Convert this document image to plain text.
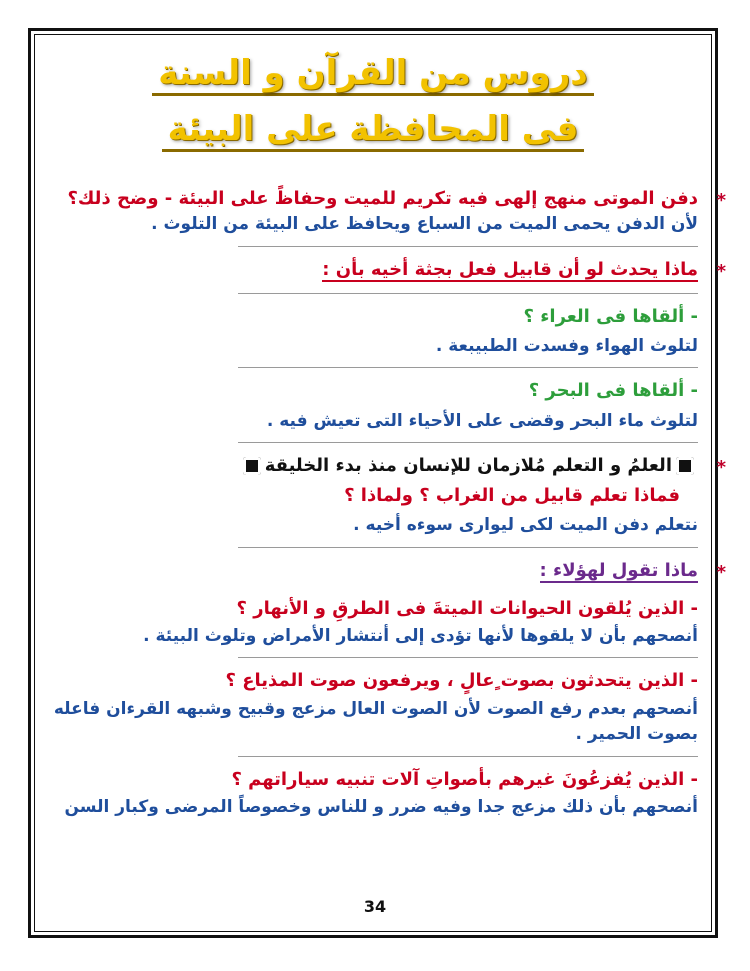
دروس من القرآن و السنة
فى المحافظة على البيئة

*
دفن الموتى منهج إلهى فيه تكريم للميت وحفاظً على البيئة - وضح ذلك؟

لأن الدفن يحمى الميت من السباع ويحافظ على البيئة من التلوث .

*
ماذا يحدث لو أن قابيل فعل بجثة أخيه بأن :

- ألقاها فى العراء ؟

لتلوث الهواء وفسدت الطبيبعة .

- ألقاها فى البحر ؟

لتلوث ماء البحر وقضى على الأحياء التى تعيش فيه .

*
العلمُ و التعلم مُلازمان للإنسان منذ بدء الخليقة

فماذا تعلم قابيل من الغراب ؟ ولماذا ؟

نتعلم دفن الميت لكى ليوارى سوءه أخيه .

*
ماذا تقول لهؤلاء :

- الذين يُلقون الحيوانات الميتةَ فى الطرقِ و الأنهار ؟

أنصحهم بأن لا يلقوها لأنها تؤدى إلى أنتشار الأمراض وتلوث البيئة .

- الذين يتحدثون بصوت ٍعالٍ ، ويرفعون صوت المذياع ؟

أنصحهم بعدم رفع الصوت لأن الصوت العال مزعج وقبيح وشبهه القرءان فاعله

بصوت الحمير .

- الذين يُفزعُونَ غيرهم بأصواتِ آلات تنبيه سياراتهم ؟

أنصحهم بأن ذلك مزعج جدا وفيه ضرر و للناس وخصوصاً المرضى وكبار السن

34
